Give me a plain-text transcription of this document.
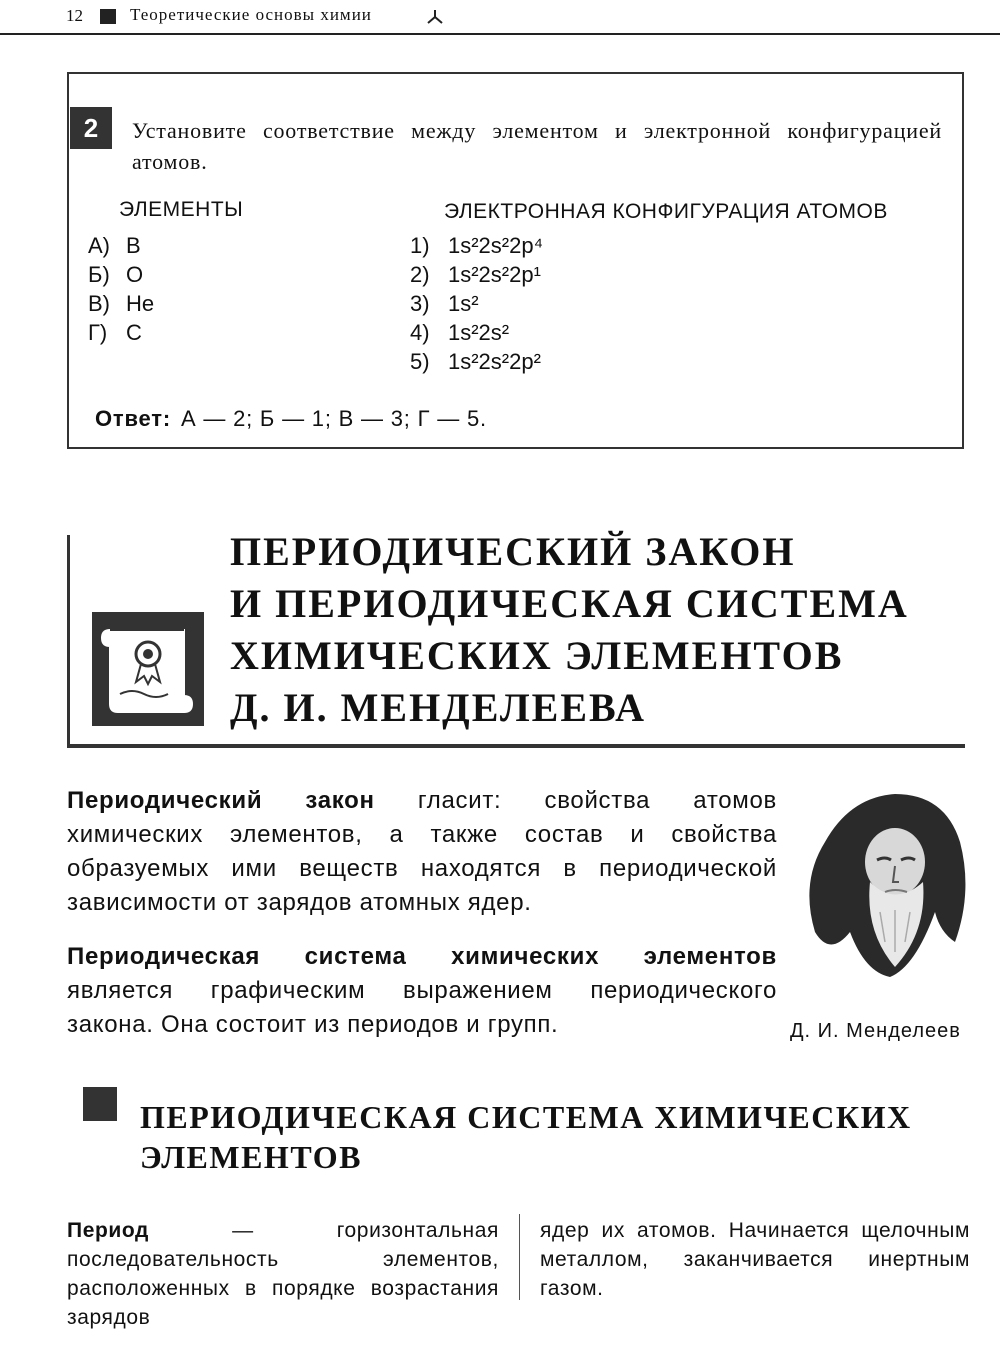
12	Теоретические основы химии
2	Установите соответствие между элементом и электронной конфигурацией атомов.
ЭЛЕМЕНТЫ	ЭЛЕКТРОННАЯ КОНФИГУРАЦИЯ АТОМОВ
А) B
Б) O
В) He
Г) C
1) 1s²2s²2p⁴
2) 1s²2s²2p¹
3) 1s²
4) 1s²2s²
5) 1s²2s²2p²
Ответ: А — 2; Б — 1; В — 3; Г — 5.
ПЕРИОДИЧЕСКИЙ ЗАКОН
И ПЕРИОДИЧЕСКАЯ СИСТЕМА
ХИМИЧЕСКИХ ЭЛЕМЕНТОВ
Д. И. МЕНДЕЛЕЕВА
Периодический закон гласит: свойства атомов химических элементов, а также состав и свойства образуемых ими веществ находятся в периодической зависимости от зарядов атомных ядер.
Периодическая система химических элементов является графическим выражением периодического закона. Она состоит из периодов и групп.	Д. И. Менделеев
ПЕРИОДИЧЕСКАЯ СИСТЕМА ХИМИЧЕСКИХ ЭЛЕМЕНТОВ
Период — горизонтальная последовательность элементов, расположенных в порядке возрастания зарядов
ядер их атомов. Начинается щелочным металлом, заканчивается инертным газом.
